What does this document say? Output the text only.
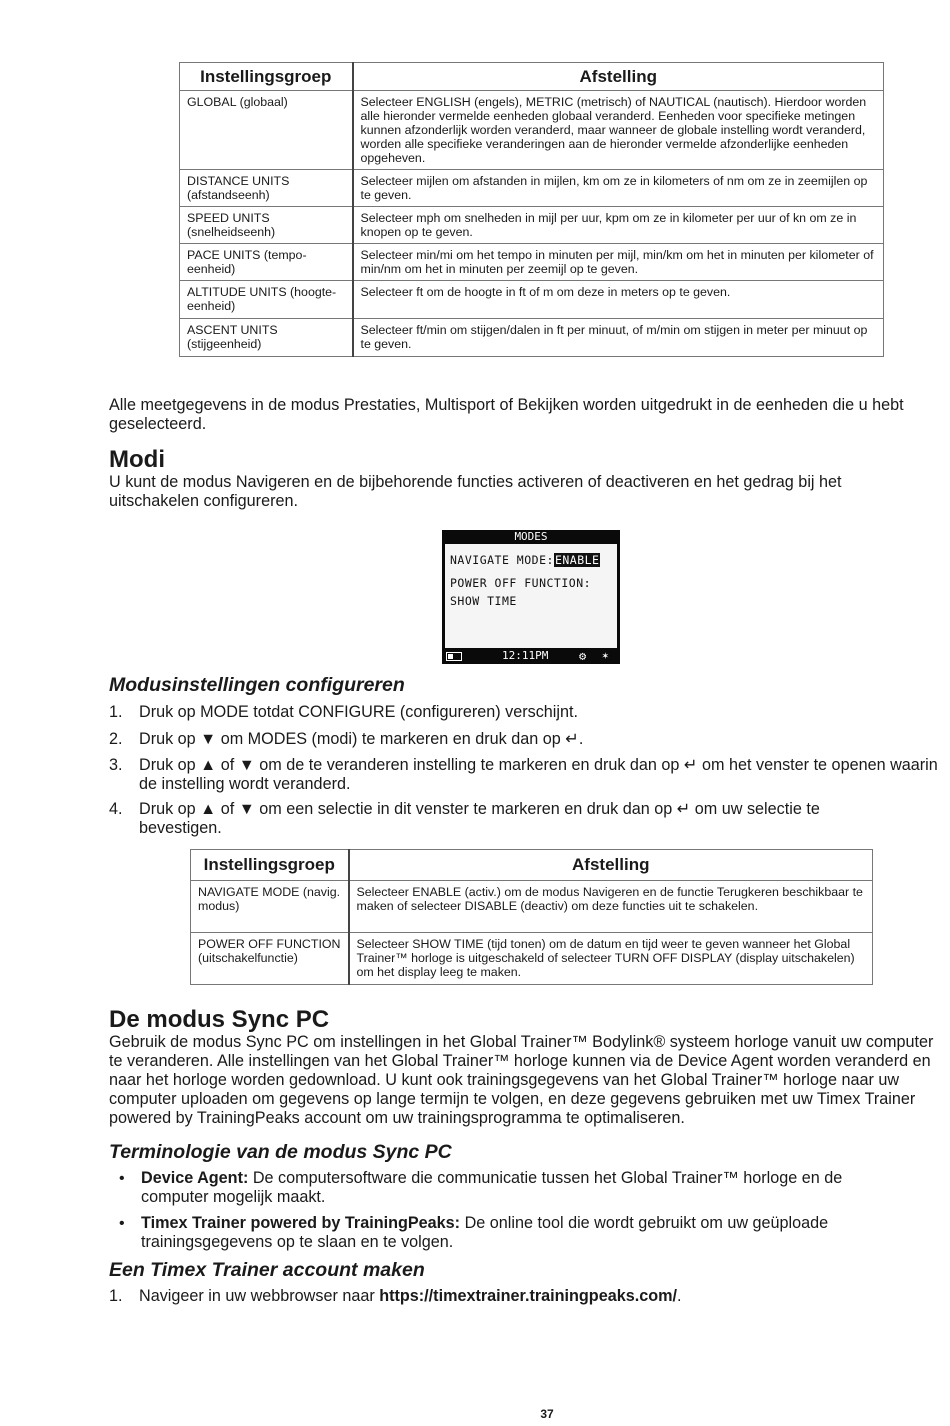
Instellingsgroep	Afstelling
GLOBAL (globaal)	Selecteer ENGLISH (engels), METRIC (metrisch) of NAUTICAL (nautisch). Hierdoor worden alle hieronder vermelde eenheden globaal veranderd. Eenheden voor specifieke metingen kunnen afzonderlijk worden veranderd, maar wanneer de globale instelling wordt veranderd, worden alle specifieke veranderingen aan de hieronder vermelde afzonderlijke eenheden opgeheven.
DISTANCE UNITS (afstandseenh)	Selecteer mijlen om afstanden in mijlen, km om ze in kilometers of nm om ze in zeemijlen op te geven.
SPEED UNITS (snelheidseenh)	Selecteer mph om snelheden in mijl per uur, kpm om ze in kilometer per uur of kn om ze in knopen op te geven.
PACE UNITS (tempo-eenheid)	Selecteer min/mi om het tempo in minuten per mijl, min/km om het in minuten per kilometer of min/nm om het in minuten per zeemijl op te geven.
ALTITUDE UNITS (hoogte-eenheid)	Selecteer ft om de hoogte in ft of m om deze in meters op te geven.
ASCENT UNITS (stijgeenheid)	Selecteer ft/min om stijgen/dalen in ft per minuut, of m/min om stijgen in meter per minuut op te geven.
Alle meetgegevens in de modus Prestaties, Multisport of Bekijken worden uitgedrukt in de eenheden die u hebt geselecteerd.
Modi
U kunt de modus Navigeren en de bijbehorende functies activeren of deactiveren en het gedrag bij het uitschakelen configureren.
MODES
NAVIGATE MODE:ENABLE
POWER OFF FUNCTION:
SHOW TIME
12:11PM	⚙ ✶
Modusinstellingen configureren
1. Druk op MODE totdat CONFIGURE (configureren) verschijnt.
2. Druk op ▼ om MODES (modi) te markeren en druk dan op ↵.
3. Druk op ▲ of ▼ om de te veranderen instelling te markeren en druk dan op ↵ om het venster te openen waarin de instelling wordt veranderd.
4. Druk op ▲ of ▼ om een selectie in dit venster te markeren en druk dan op ↵ om uw selectie te bevestigen.
Instellingsgroep	Afstelling
NAVIGATE MODE (navig. modus)	Selecteer ENABLE (activ.) om de modus Navigeren en de functie Terugkeren beschikbaar te maken of selecteer DISABLE (deactiv) om deze functies uit te schakelen.
POWER OFF FUNCTION (uitschakelfunctie)	Selecteer SHOW TIME (tijd tonen) om de datum en tijd weer te geven wanneer het Global Trainer™ horloge is uitgeschakeld of selecteer TURN OFF DISPLAY (display uitschakelen) om het display leeg te maken.
De modus Sync PC
Gebruik de modus Sync PC om instellingen in het Global Trainer™ Bodylink® systeem horloge vanuit uw computer te veranderen. Alle instellingen van het Global Trainer™ horloge kunnen via de Device Agent worden veranderd en naar het horloge worden gedownload. U kunt ook trainingsgegevens van het Global Trainer™ horloge naar uw computer uploaden om gegevens op lange termijn te volgen, en deze gegevens gebruiken met uw Timex Trainer powered by TrainingPeaks account om uw trainingsprogramma te optimaliseren.
Terminologie van de modus Sync PC
• Device Agent: De computersoftware die communicatie tussen het Global Trainer™ horloge en de computer mogelijk maakt.
• Timex Trainer powered by TrainingPeaks: De online tool die wordt gebruikt om uw geüploade trainingsgegevens op te slaan en te volgen.
Een Timex Trainer account maken
1. Navigeer in uw webbrowser naar https://timextrainer.trainingpeaks.com/.
37
